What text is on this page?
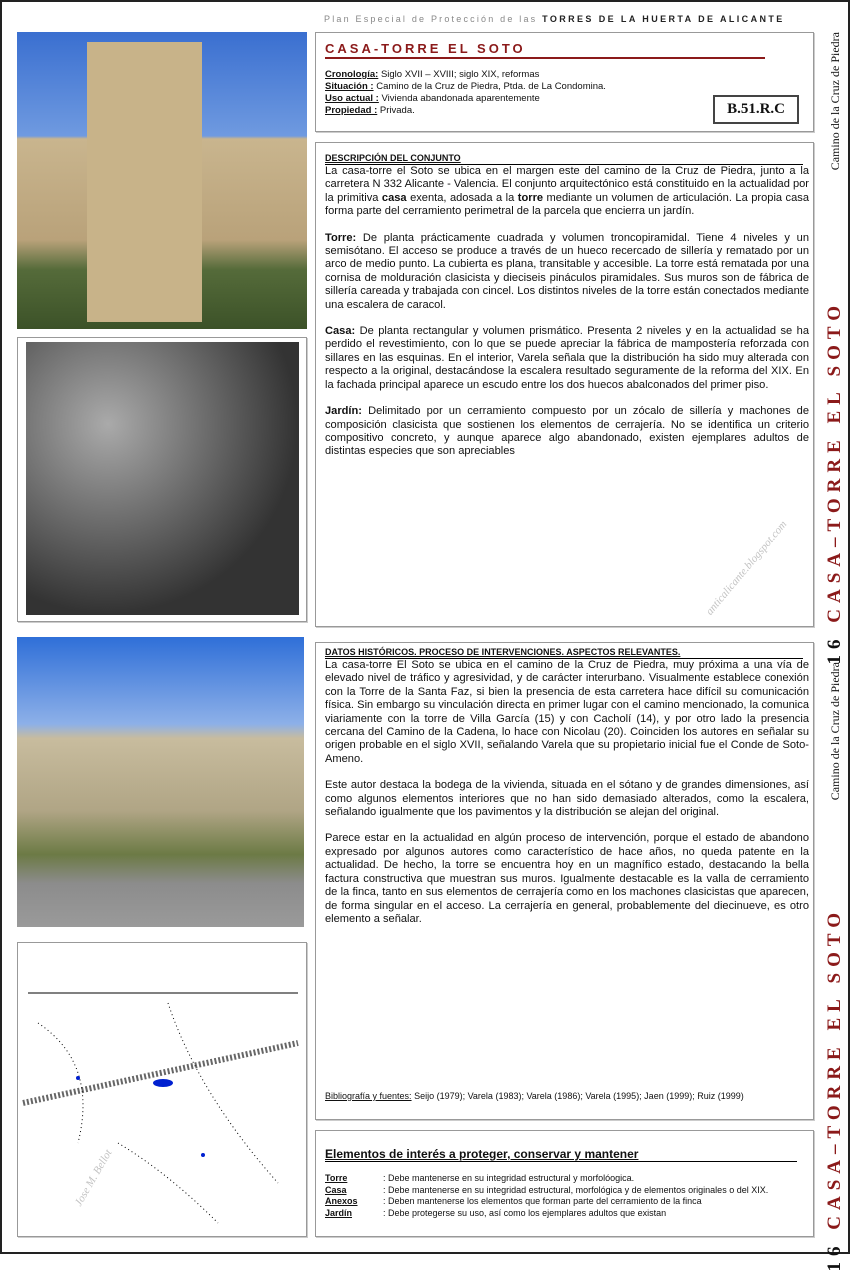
Plan Especial de Protección de las TORRES DE LA HUERTA DE ALICANTE
CASA-TORRE EL SOTO
Cronología: Siglo XVII – XVIII; siglo XIX, reformas
Situación : Camino de la Cruz de Piedra, Ptda. de La Condomina.
Uso actual : Vivienda abandonada aparentemente
Propiedad : Privada.	B.51.R.C
DESCRIPCIÓN DEL CONJUNTO

La casa-torre el Soto se ubica en el margen este del camino de la Cruz de Piedra, junto a la carretera N 332 Alicante - Valencia. El conjunto arquitectónico está constituido en la actualidad por la primitiva casa exenta, adosada a la torre mediante un volumen de articulación. La propia casa forma parte del cerramiento perimetral de la parcela que encierra un jardín.

Torre: De planta prácticamente cuadrada y volumen troncopiramidal. Tiene 4 niveles y un semisótano. El acceso se produce a través de un hueco recercado de sillería y rematado por un arco de medio punto. La cubierta es plana, transitable y accesible. La torre está rematada por una cornisa de molduración clasicista y dieciseis pináculos piramidales. Sus muros son de fábrica de sillería careada y trabajada con cincel. Los distintos niveles de la torre están conectados mediante una escalera de caracol.

Casa: De planta rectangular y volumen prismático. Presenta 2 niveles y en la actualidad se ha perdido el revestimiento, con lo que se puede apreciar la fábrica de mampostería reforzada con sillares en las esquinas. En el interior, Varela señala que la distribución ha sido muy alterada con respecto a la original, destacándose la escalera resultado seguramente de la reforma del XIX. En la fachada principal aparece un escudo entre los dos huecos abalconados del primer piso.

Jardín: Delimitado por un cerramiento compuesto por un zócalo de sillería y machones de composición clasicista que sostienen los elementos de cerrajería. No se identifica un criterio compositivo concreto, y aunque aparece algo abandonado, existen ejemplares adultos de distintas especies que son apreciables

DATOS HISTÓRICOS. PROCESO DE INTERVENCIONES. ASPECTOS RELEVANTES.

La casa-torre El Soto se ubica en el camino de la Cruz de Piedra, muy próxima a una vía de elevado nivel de tráfico y agresividad, y de carácter interurbano. Visualmente establece conexión con la Torre de la Santa Faz, si bien la presencia de esta carretera hace difícil su comunicación física. Sin embargo su vinculación directa en primer lugar con el camino mencionado, la comunica viariamente con la torre de Villa García (15) y con Cacholí (14), y por otro lado la presencia cercana del Camino de la Cadena, lo hace con Nicolau (20). Coinciden los autores en señalar su origen probable en el siglo XVII, señalando Varela que su propietario inicial fue el Conde de Soto-Ameno.

Este autor destaca la bodega de la vivienda, situada en el sótano y de grandes dimensiones, así como algunos elementos interiores que no han sido demasiado alterados, como la escalera, señalando igualmente que los pavimentos y la distribución se alejan del original.

Parece estar en la actualidad en algún proceso de intervención, porque el estado de abandono expresado por algunos autores como característico de hace años, no queda patente en la actualidad. De hecho, la torre se encuentra hoy en un magnífico estado, destacando la bella factura constructiva que muestran sus muros. Igualmente destacable es la valla de cerramiento de la finca, tanto en sus elementos de cerrajería como en los machones clasicistas que aparecen, de forma singular en el acceso. La cerrajería en general, probablemente del diecinueve, es otro elemento a señalar.

Bibliografía y fuentes: Seijo (1979); Varela (1983); Varela (1986); Varela (1995); Jaen (1999); Ruiz (1999)
Elementos de interés a proteger, conservar y mantener
Torre	: Debe mantenerse en su integridad estructural y morfolóogica.
Casa	: Debe mantenerse en su integridad estructural, morfológica y de elementos originales o del XIX.
Anexos	: Deben mantenerse los elementos que forman parte del cerramiento de la finca
Jardín	: Debe protegerse su uso, así como los ejemplares adultos que existan
Camino de la Cruz de Piedra
16 CASA–TORRE EL SOTO
Camino de la Cruz de Piedra
16 CASA–TORRE EL SOTO
anticalicante.blogspot.com
Jose M. Bellot
